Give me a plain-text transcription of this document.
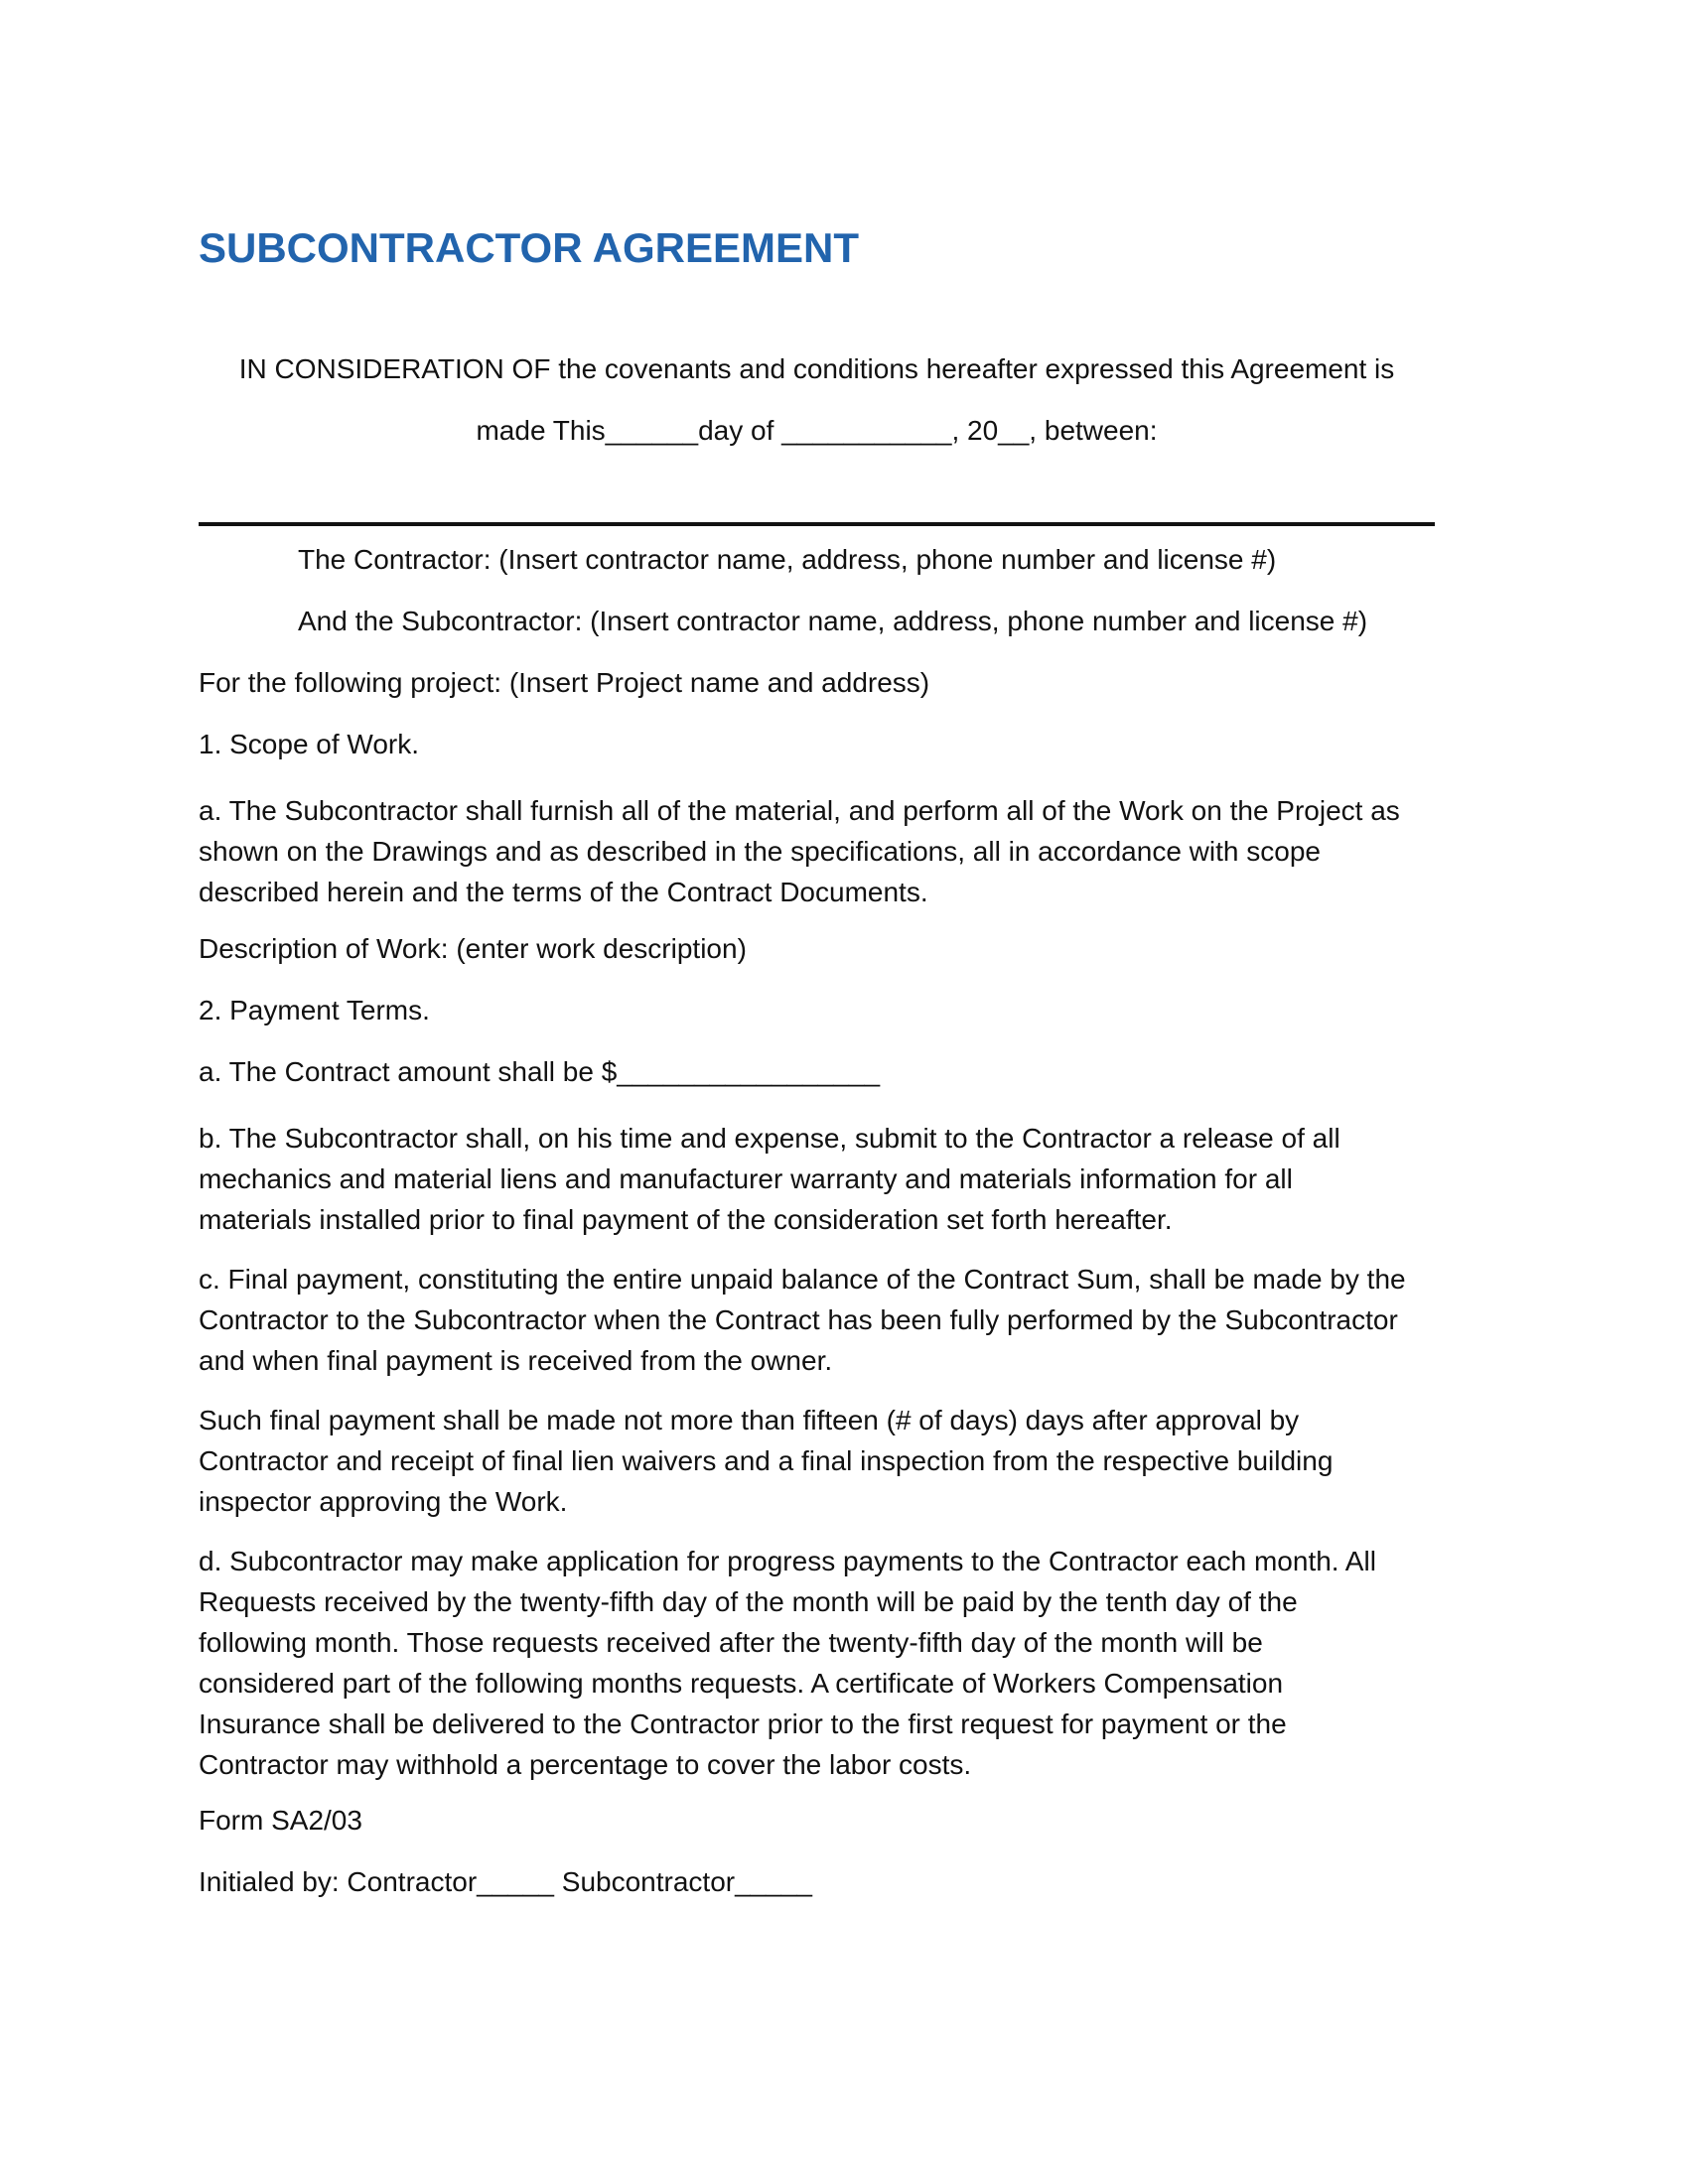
SUBCONTRACTOR AGREEMENT
IN CONSIDERATION OF the covenants and conditions hereafter expressed this Agreement is
made This______day of ___________, 20__, between:
The Contractor: (Insert contractor name, address, phone number and license #)
And the Subcontractor: (Insert contractor name, address, phone number and license #)
For the following project: (Insert Project name and address)
1. Scope of Work.
a. The Subcontractor shall furnish all of the material, and perform all of the Work on the Project as
shown on the Drawings and as described in the specifications, all in accordance with scope
described herein and the terms of the Contract Documents.
Description of Work: (enter work description)
2. Payment Terms.
a. The Contract amount shall be $_________________
b. The Subcontractor shall, on his time and expense, submit to the Contractor a release of all
mechanics and material liens and manufacturer warranty and materials information for all
materials installed prior to final payment of the consideration set forth hereafter.
c. Final payment, constituting the entire unpaid balance of the Contract Sum, shall be made by the
Contractor to the Subcontractor when the Contract has been fully performed by the Subcontractor
and when final payment is received from the owner.
Such final payment shall be made not more than fifteen (# of days) days after approval by
Contractor and receipt of final lien waivers and a final inspection from the respective building
inspector approving the Work.
d. Subcontractor may make application for progress payments to the Contractor each month. All
Requests received by the twenty-fifth day of the month will be paid by the tenth day of the
following month. Those requests received after the twenty-fifth day of the month will be
considered part of the following months requests. A certificate of Workers Compensation
Insurance shall be delivered to the Contractor prior to the first request for payment or the
Contractor may withhold a percentage to cover the labor costs.
Form SA2/03
Initialed by: Contractor_____ Subcontractor_____
